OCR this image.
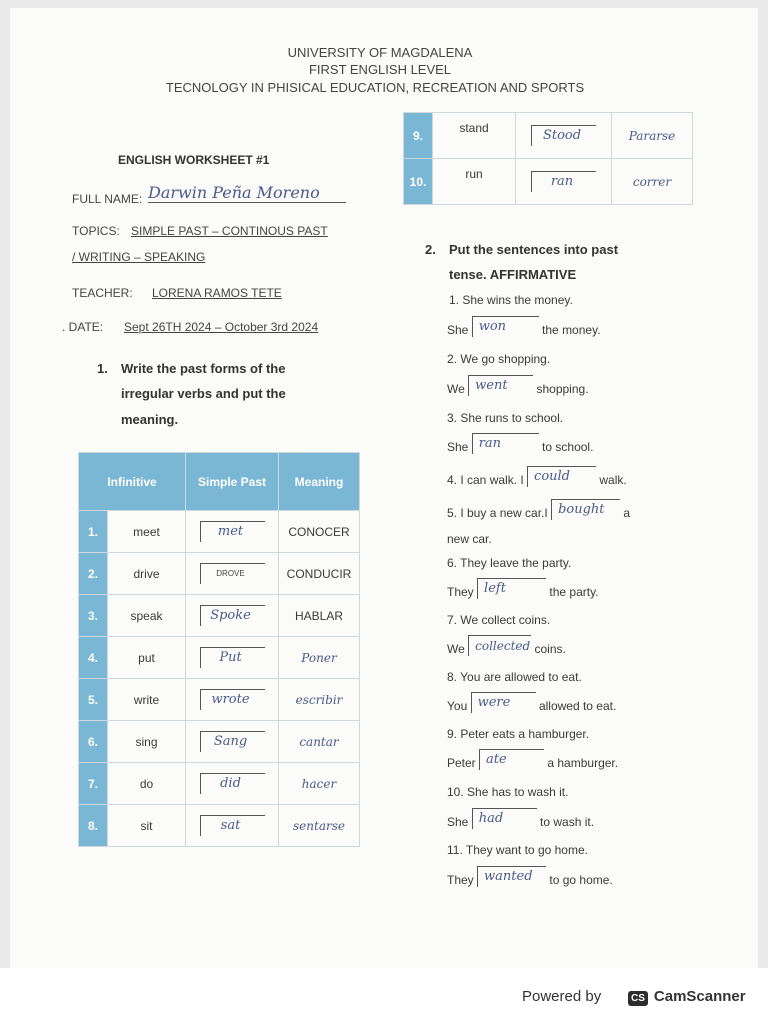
UNIVERSITY OF MAGDALENA
FIRST ENGLISH LEVEL
TECNOLOGY IN PHISICAL EDUCATION, RECREATION AND SPORTS
ENGLISH WORKSHEET #1
FULL NAME: Darwin Peña Moreno
TOPICS: SIMPLE PAST – CONTINOUS PAST
/ WRITING – SPEAKING
TEACHER: LORENA RAMOS TETE
. DATE: Sept 26TH 2024 – October 3rd 2024
1. Write the past forms of the
irregular verbs and put the
meaning.
Infinitive		Simple Past	Meaning
1.	meet	met	CONOCER
2.	drive	DROVE	CONDUCIR
3.	speak	Spoke	HABLAR
4.	put	Put	Poner
5.	write	wrote	escribir
6.	sing	Sang	cantar
7.	do	did	hacer
8.	sit	sat	sentarse
9.	stand	Stood	Pararse
10.	run	ran	correr
2. Put the sentences into past
tense. AFFIRMATIVE
1. She wins the money.
She won	the money.
2. We go shopping.
We went shopping.
3. She runs to school.
She ran	to school.
4. I can walk. I could walk.
5. I buy a new car.I bought a
new car.
6. They leave the party.
They left	the party.
7. We collect coins.
We collected coins.
8. You are allowed to eat.
You were allowed to eat.
9. Peter eats a hamburger.
Peter ate	a hamburger.
10. She has to wash it.
She had	to wash it.
11. They want to go home.
They wanted to go home.
Powered by	CS CamScanner
